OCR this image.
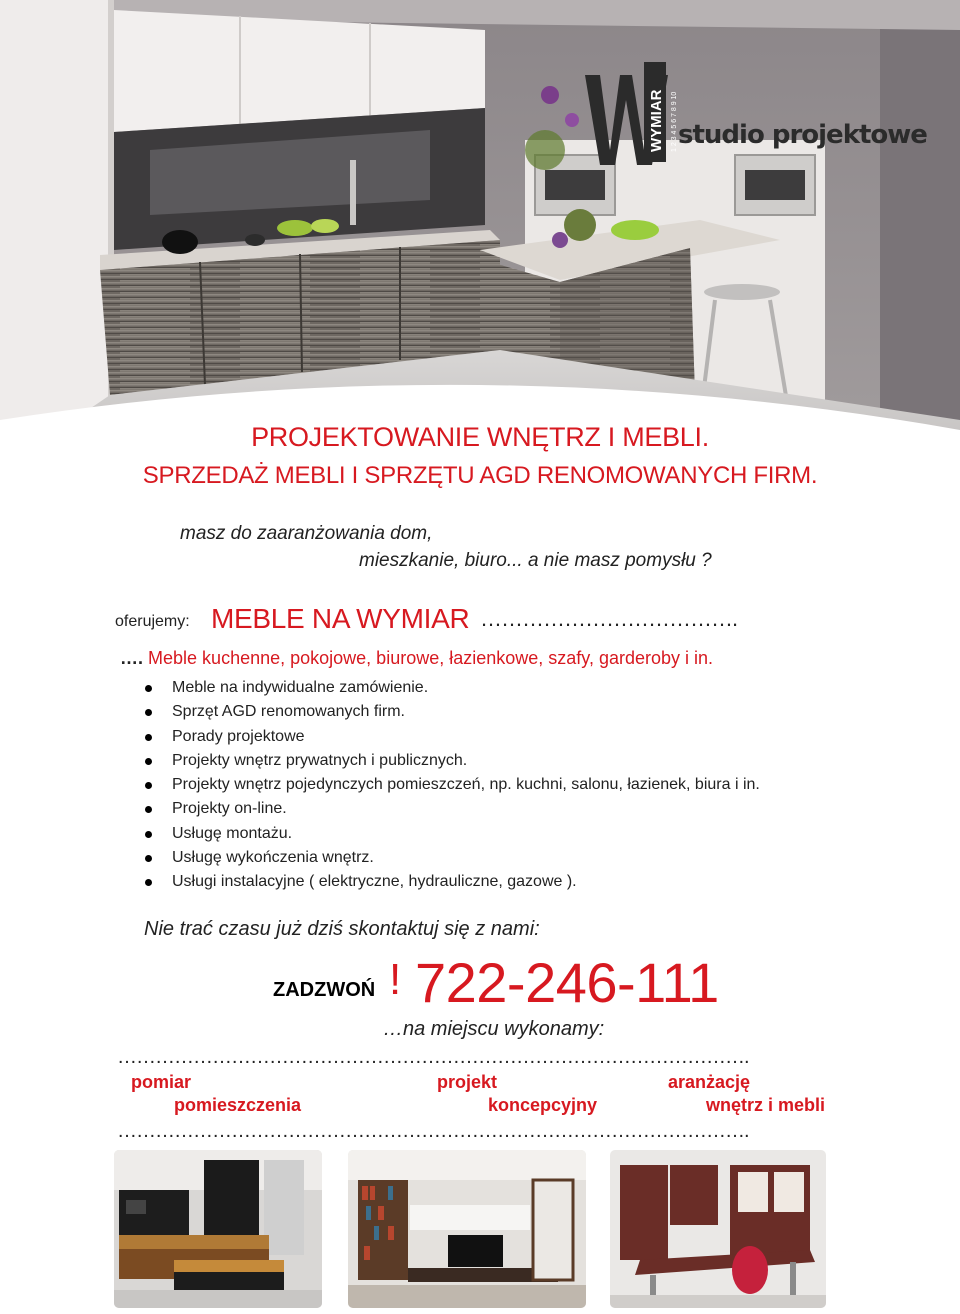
WYMIAR 1 2 3 4 5 6 7 8 9 10 studio projektowe
PROJEKTOWANIE WNĘTRZ I MEBLI.
SPRZEDAŻ MEBLI I SPRZĘTU AGD RENOMOWANYCH FIRM.
masz do zaaranżowania dom,
mieszkanie, biuro... a nie masz pomysłu ?
oferujemy: MEBLE NA WYMIAR ……………………………….
…. Meble kuchenne, pokojowe, biurowe, łazienkowe, szafy, garderoby i in.
Meble na indywidualne zamówienie.
Sprzęt AGD renomowanych firm.
Porady projektowe
Projekty wnętrz prywatnych i publicznych.
Projekty wnętrz pojedynczych pomieszczeń, np. kuchni, salonu, łazienek, biura i in.
Projekty on-line.
Usługę montażu.
Usługę wykończenia wnętrz.
Usługi instalacyjne ( elektryczne, hydrauliczne, gazowe ).
Nie trać czasu już dziś skontaktuj się z nami:
ZADZWOŃ ! 722-246-111
…na miejscu wykonamy:
……………………………………………………………………………………….
pomiar
pomieszczenia
projekt
koncepcyjny
aranżację
wnętrz i mebli
……………………………………………………………………………………….
